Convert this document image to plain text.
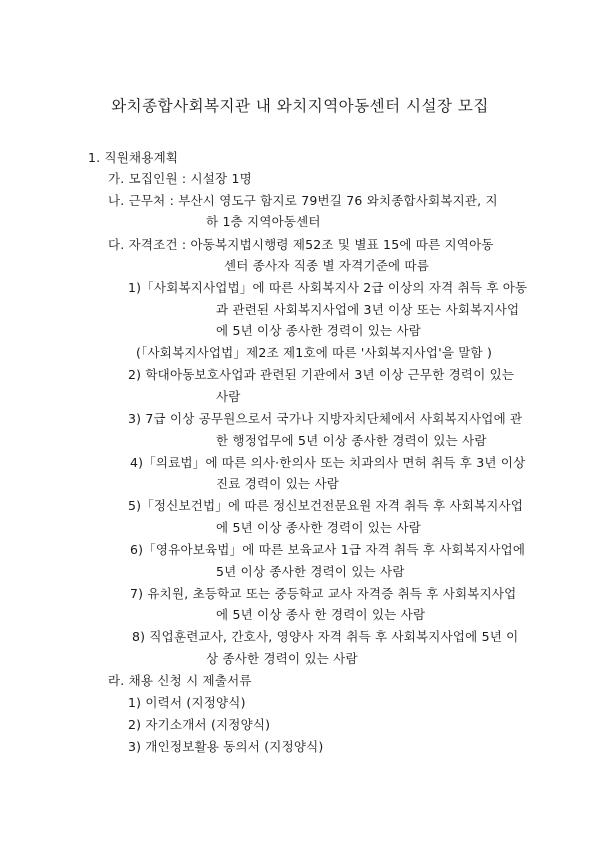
와치종합사회복지관 내 와치지역아동센터 시설장 모집
1. 직원채용계획
가. 모집인원 : 시설장 1명
나. 근무처 : 부산시 영도구 함지로 79번길 76 와치종합사회복지관, 지
하 1층 지역아동센터
다. 자격조건 : 아동복지법시행령 제52조 및 별표 15에 따른 지역아동
센터 종사자 직종 별 자격기준에 따름
1)「사회복지사업법」에 따른 사회복지사 2급 이상의 자격 취득 후 아동
과 관련된 사회복지사업에 3년 이상 또는 사회복지사업
에 5년 이상 종사한 경력이 있는 사람
(「사회복지사업법」제2조 제1호에 따른 '사회복지사업'을 말함 )
2) 학대아동보호사업과 관련된 기관에서 3년 이상 근무한 경력이 있는
사람
3) 7급 이상 공무원으로서 국가나 지방자치단체에서 사회복지사업에 관
한 행정업무에 5년 이상 종사한 경력이 있는 사람
4)「의료법」에 따른 의사·한의사 또는 치과의사 면허 취득 후 3년 이상
진료 경력이 있는 사람
5)「정신보건법」에 따른 정신보건전문요원 자격 취득 후 사회복지사업
에 5년 이상 종사한 경력이 있는 사람
6)「영유아보육법」에 따른 보육교사 1급 자격 취득 후 사회복지사업에
5년 이상 종사한 경력이 있는 사람
7) 유치원, 초등학교 또는 중등학교 교사 자격증 취득 후 사회복지사업
에 5년 이상 종사 한 경력이 있는 사람
8) 직업훈련교사, 간호사, 영양사 자격 취득 후 사회복지사업에 5년 이
상 종사한 경력이 있는 사람
라. 채용 신청 시 제출서류
1) 이력서 (지정양식)
2) 자기소개서 (지정양식)
3) 개인정보활용 동의서 (지정양식)
